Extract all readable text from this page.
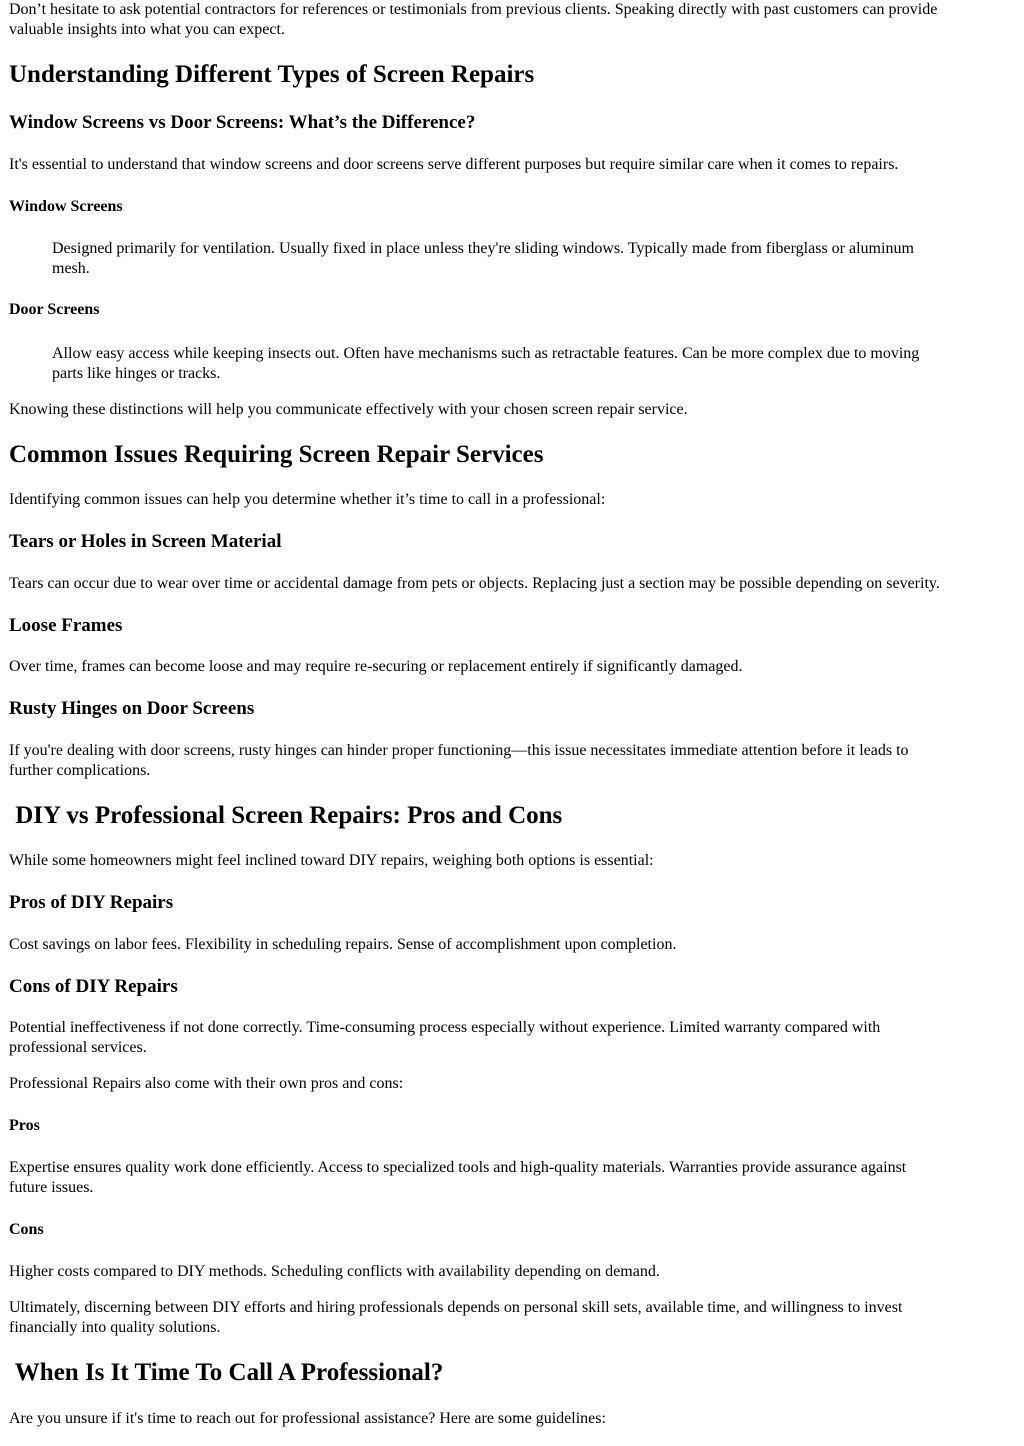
Don’t hesitate to ask potential contractors for references or testimonials from previous clients. Speaking directly with past customers can provide
valuable insights into what you can expect.

Understanding Different Types of Screen Repairs
Window Screens vs Door Screens: What’s the Difference?

It's essential to understand that window screens and door screens serve different purposes but require similar care when it comes to repairs.

Window Screens
Designed primarily for ventilation. Usually fixed in place unless they're sliding windows. Typically made from fiberglass or aluminum
mesh.
Door Screens
Allow easy access while keeping insects out. Often have mechanisms such as retractable features. Can be more complex due to moving
parts like hinges or tracks.

Knowing these distinctions will help you communicate effectively with your chosen screen repair service.

Common Issues Requiring Screen Repair Services

Identifying common issues can help you determine whether it’s time to call in a professional:

Tears or Holes in Screen Material

Tears can occur due to wear over time or accidental damage from pets or objects. Replacing just a section may be possible depending on severity.

Loose Frames

Over time, frames can become loose and may require re-securing or replacement entirely if significantly damaged.

Rusty Hinges on Door Screens

If you're dealing with door screens, rusty hinges can hinder proper functioning—this issue necessitates immediate attention before it leads to
further complications.

DIY vs Professional Screen Repairs: Pros and Cons

While some homeowners might feel inclined toward DIY repairs, weighing both options is essential:

Pros of DIY Repairs

Cost savings on labor fees. Flexibility in scheduling repairs. Sense of accomplishment upon completion.

Cons of DIY Repairs

Potential ineffectiveness if not done correctly. Time-consuming process especially without experience. Limited warranty compared with
professional services.

Professional Repairs also come with their own pros and cons:

Pros

Expertise ensures quality work done efficiently. Access to specialized tools and high-quality materials. Warranties provide assurance against
future issues.

Cons

Higher costs compared to DIY methods. Scheduling conflicts with availability depending on demand.

Ultimately, discerning between DIY efforts and hiring professionals depends on personal skill sets, available time, and willingness to invest
financially into quality solutions.

When Is It Time To Call A Professional?

Are you unsure if it's time to reach out for professional assistance? Here are some guidelines:
